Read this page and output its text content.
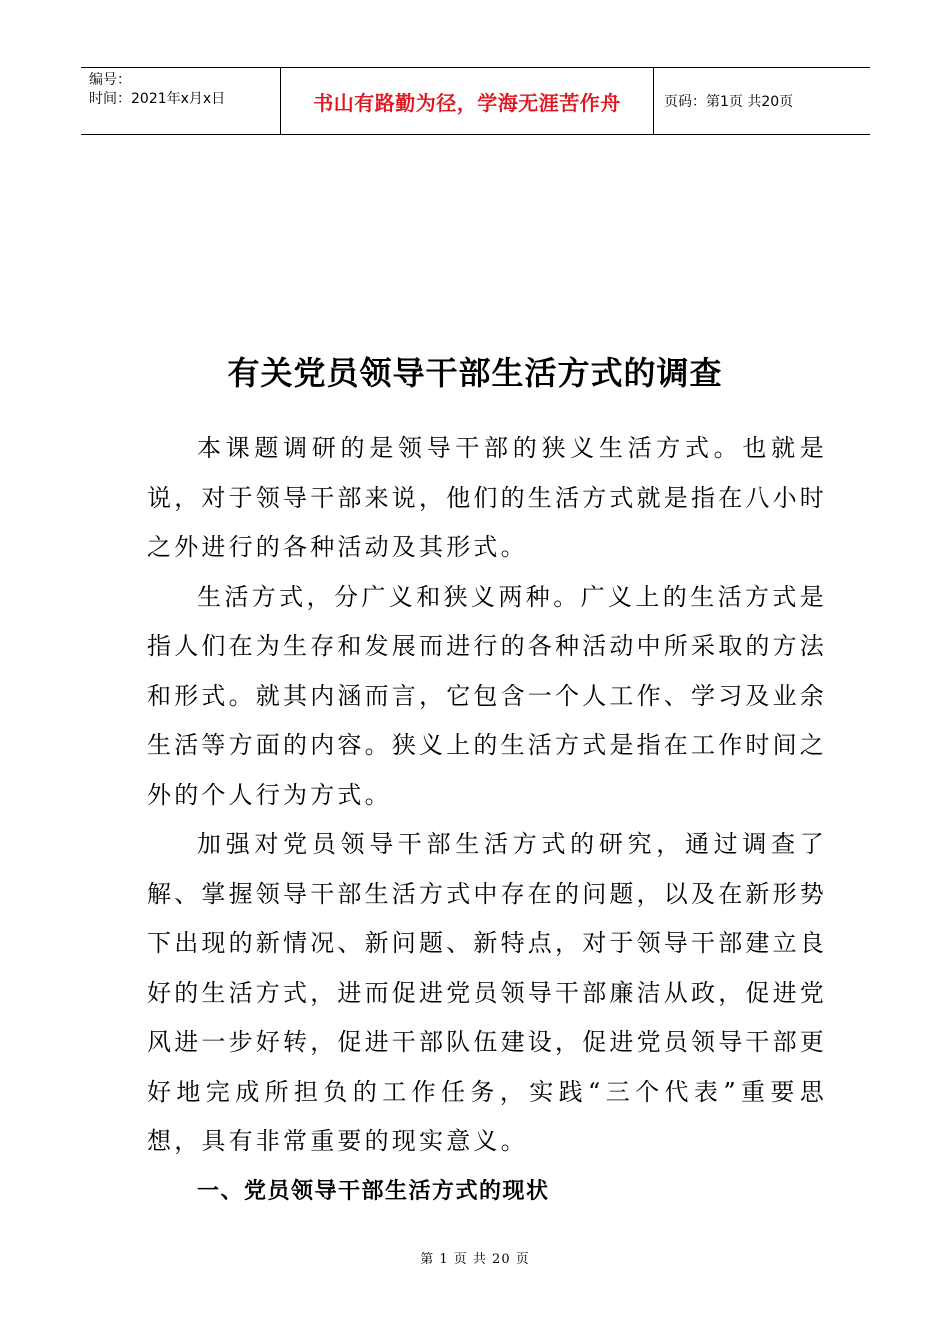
编号：
时间：2021年x月x日	书山有路勤为径，学海无涯苦作舟	页码：第1页 共20页
有关党员领导干部生活方式的调查

本课题调研的是领导干部的狭义生活方式。也就是说，对于领导干部来说，他们的生活方式就是指在八小时之外进行的各种活动及其形式。

生活方式，分广义和狭义两种。广义上的生活方式是指人们在为生存和发展而进行的各种活动中所采取的方法和形式。就其内涵而言，它包含一个人工作、学习及业余生活等方面的内容。狭义上的生活方式是指在工作时间之外的个人行为方式。

加强对党员领导干部生活方式的研究，通过调查了解、掌握领导干部生活方式中存在的问题，以及在新形势下出现的新情况、新问题、新特点，对于领导干部建立良好的生活方式，进而促进党员领导干部廉洁从政，促进党风进一步好转，促进干部队伍建设，促进党员领导干部更好地完成所担负的工作任务，实践“三个代表”重要思想，具有非常重要的现实意义。

一、党员领导干部生活方式的现状

第 1 页 共 20 页
